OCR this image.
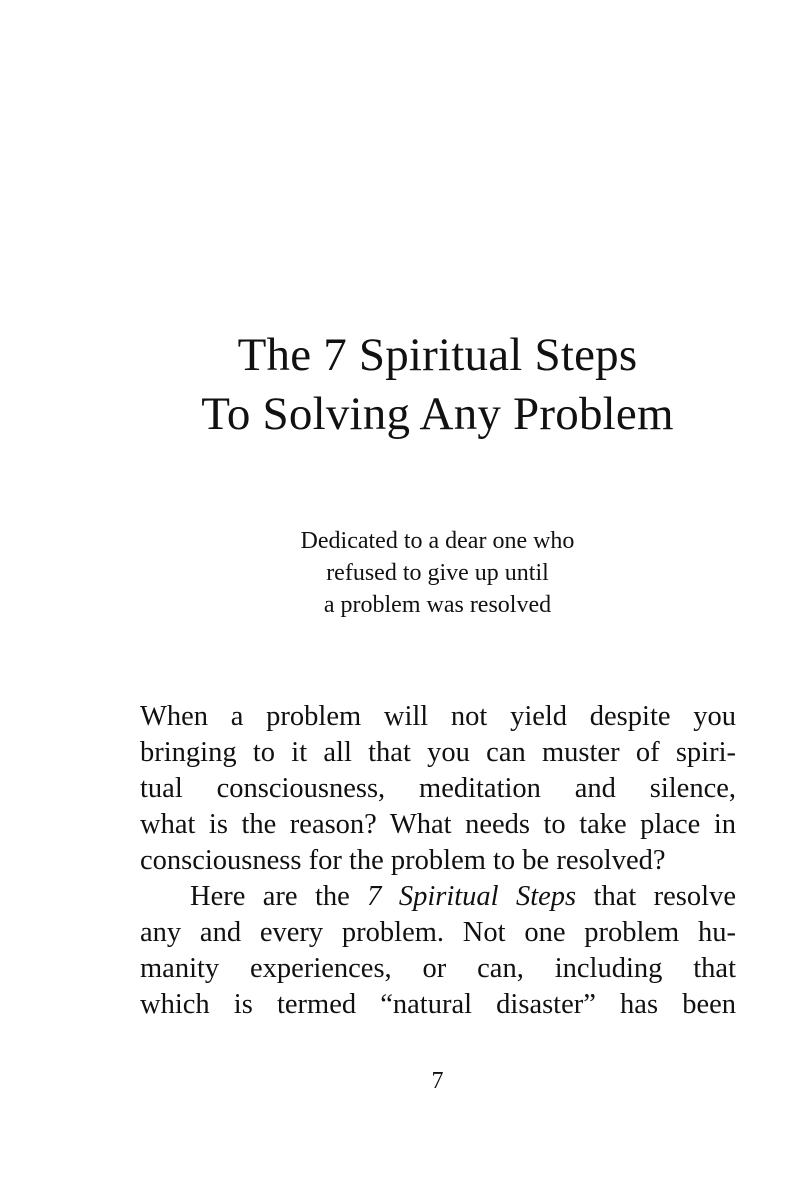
The 7 Spiritual Steps
To Solving Any Problem
Dedicated to a dear one who
refused to give up until
a problem was resolved
When a problem will not yield despite you
bringing to it all that you can muster of spiri-
tual consciousness, meditation and silence,
what is the reason? What needs to take place in
consciousness for the problem to be resolved?
Here are the 7 Spiritual Steps that resolve
any and every problem. Not one problem hu-
manity experiences, or can, including that
which is termed “natural disaster” has been
7
